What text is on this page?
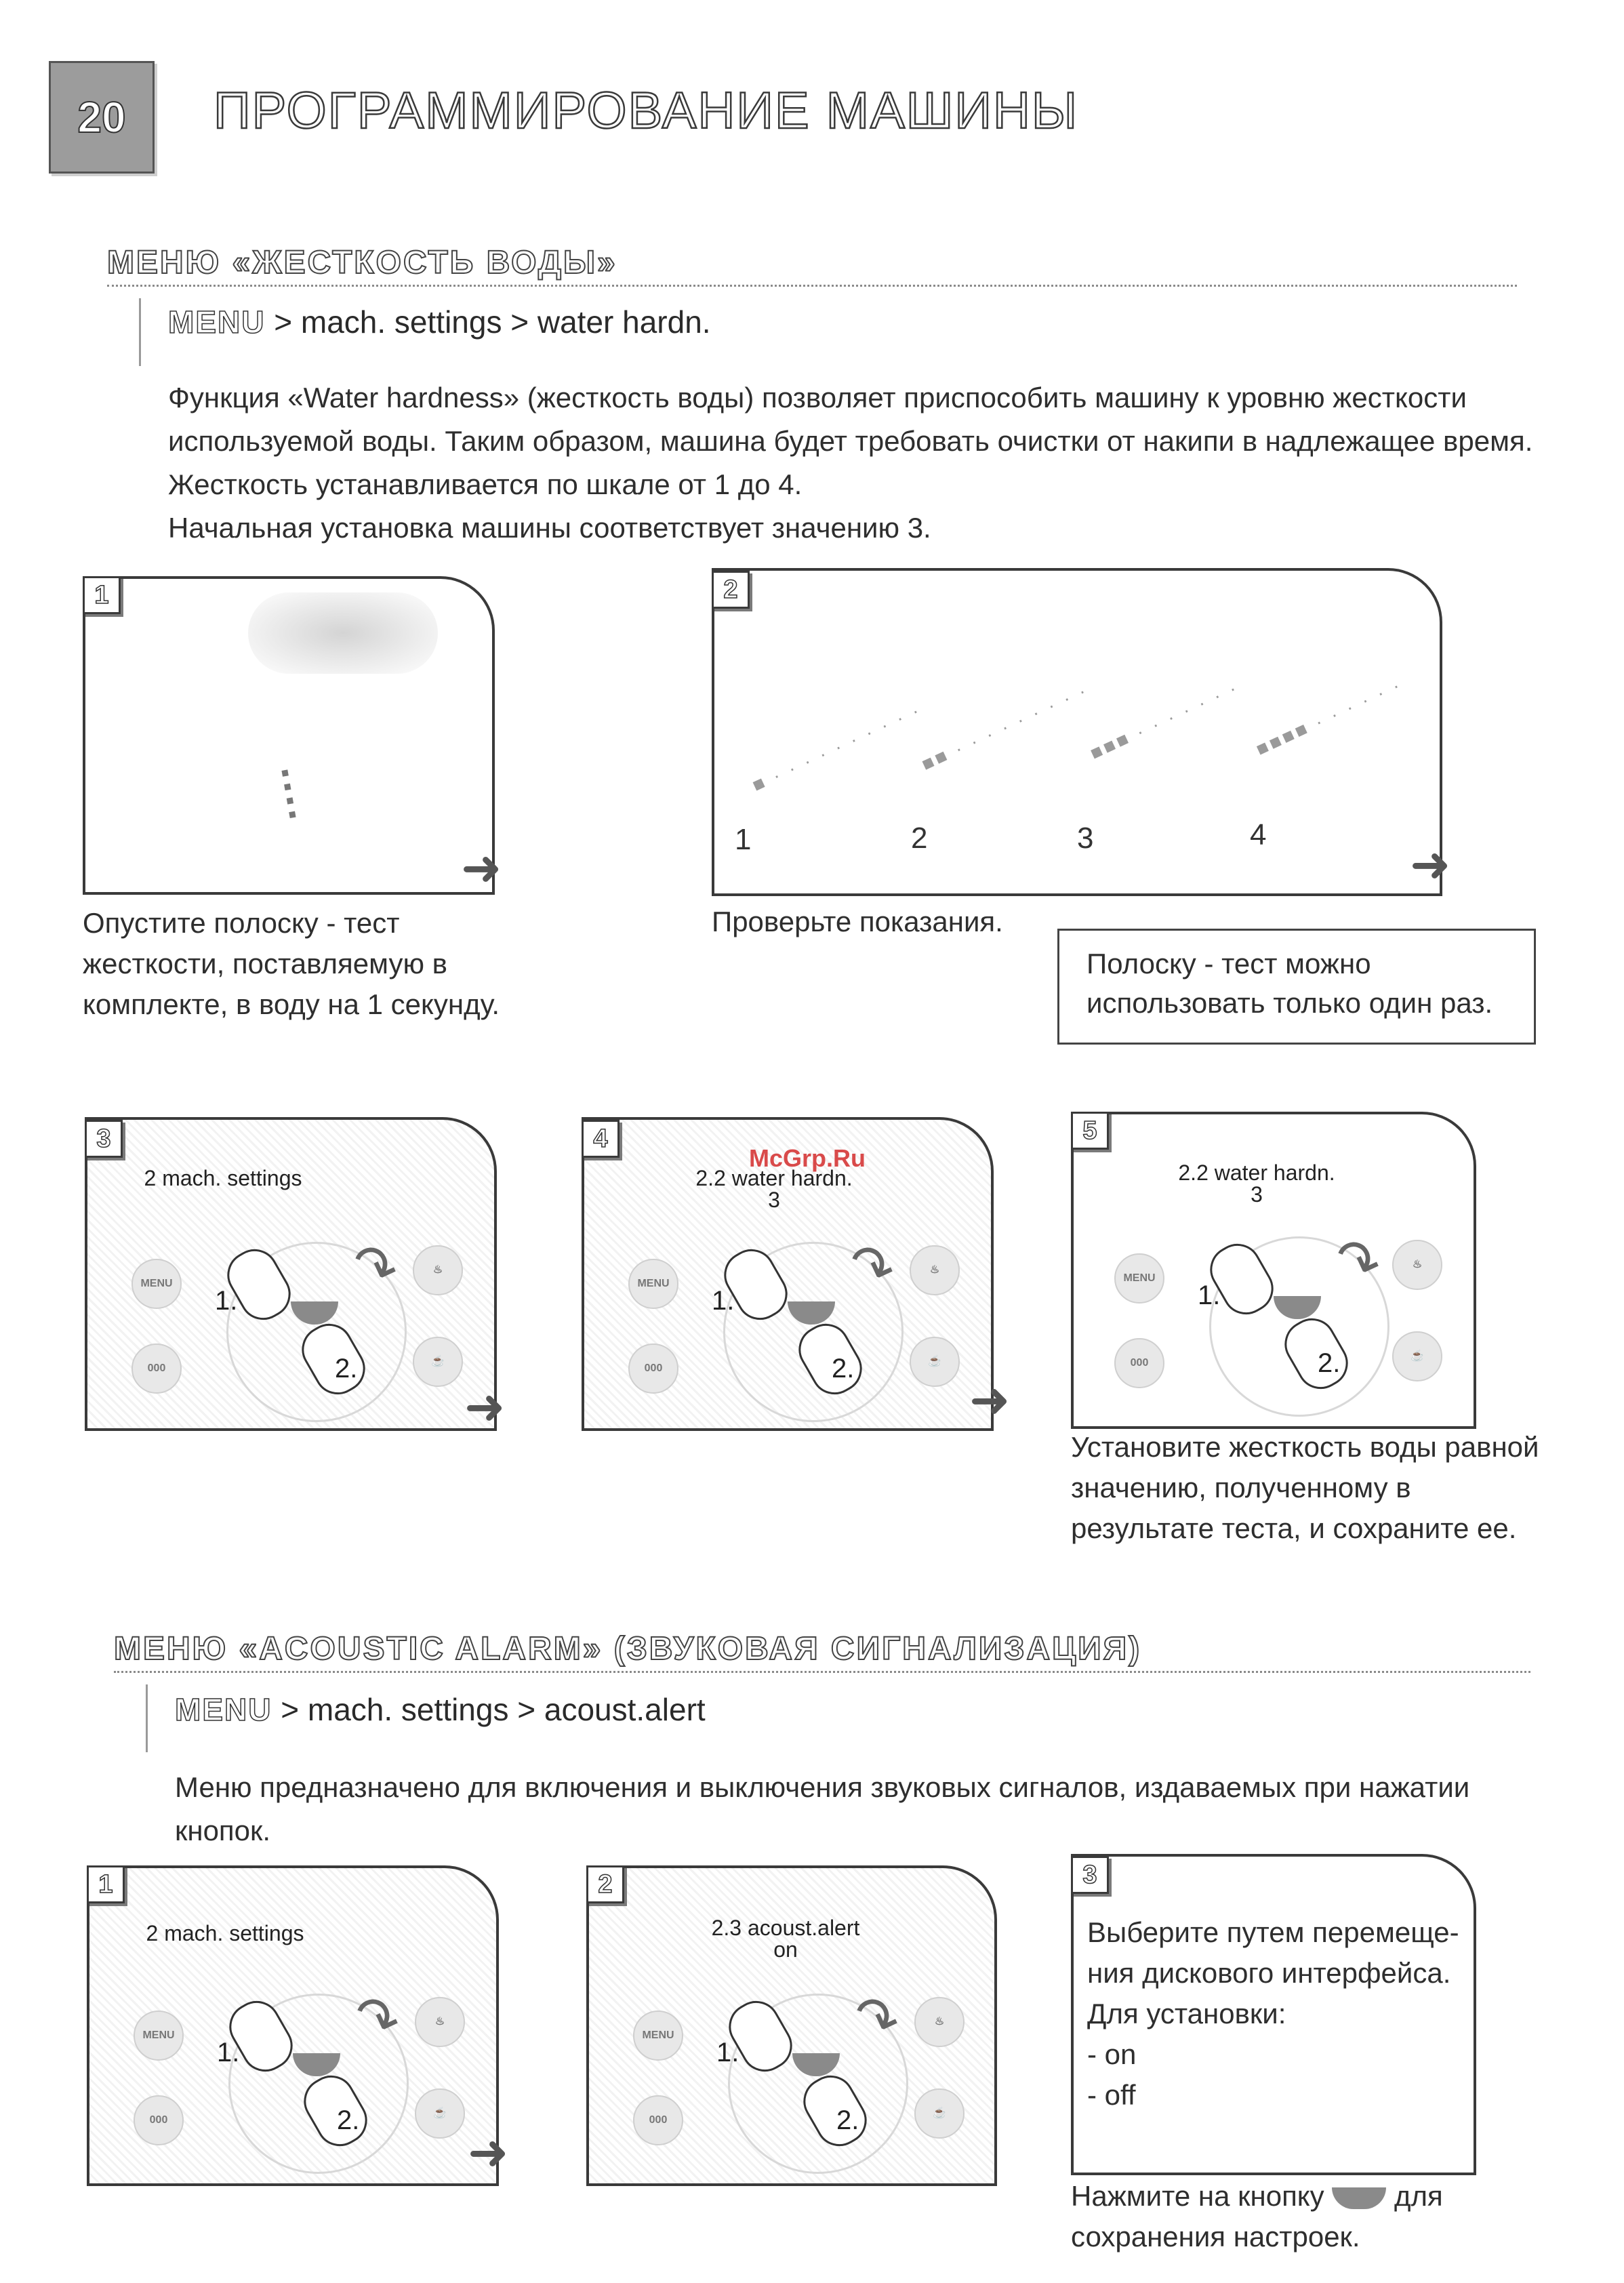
20	ПРОГРАММИРОВАНИЕ МАШИНЫ
МЕНЮ «ЖЕСТКОСТЬ ВОДЫ»
MENU > mach. settings > water hardn.
Функция «Water hardness» (жесткость воды) позволяет приспособить машину к уровню жесткости
используемой воды. Таким образом, машина будет требовать очистки от накипи в надлежащее время.
Жесткость устанавливается по шкале от 1 до 4.
Начальная установка машины соответствует значению 3.
▪▪▪▪
1
➜
Опустите полоску - тест
жесткости, поставляемую в
комплекте, в воду на 1 секунду.
■ · · · · · · · · · ·
■■ · · · · · · · · ·
■■■ · · · · · · · ■■■■ · · · · · ·
1	2	3	4
2
➜
Проверьте показания.
Полоску - тест можно
использовать только один раз.
2 mach. settings
MENU
000
♨
☕
1.
2.
↷
3
➜
2.2 water hardn.
3
MENU
000
♨
☕
1.
2.
↷
4
➜
McGrp.Ru
2.2 water hardn.
3
MENU
000
♨
☕
1.
2.
↷
5
Установите жесткость воды равной
значению, полученному в
результате теста, и сохраните ее.
МЕНЮ «ACOUSTIC ALARM» (ЗВУКОВАЯ СИГНАЛИЗАЦИЯ)
MENU > mach. settings > acoust.alert
Меню предназначено для включения и выключения звуковых сигналов, издаваемых при нажатии
кнопок.
2 mach. settings
MENU
000
♨
☕
1.
2.
↷
1
➜
2.3 acoust.alert
on
MENU
000
♨
☕
1.
2.
↷
2
Выберите путем перемеще-
ния дискового интерфейса.
Для установки:
- on
- off
3
Нажмите на кнопку для
сохранения настроек.
